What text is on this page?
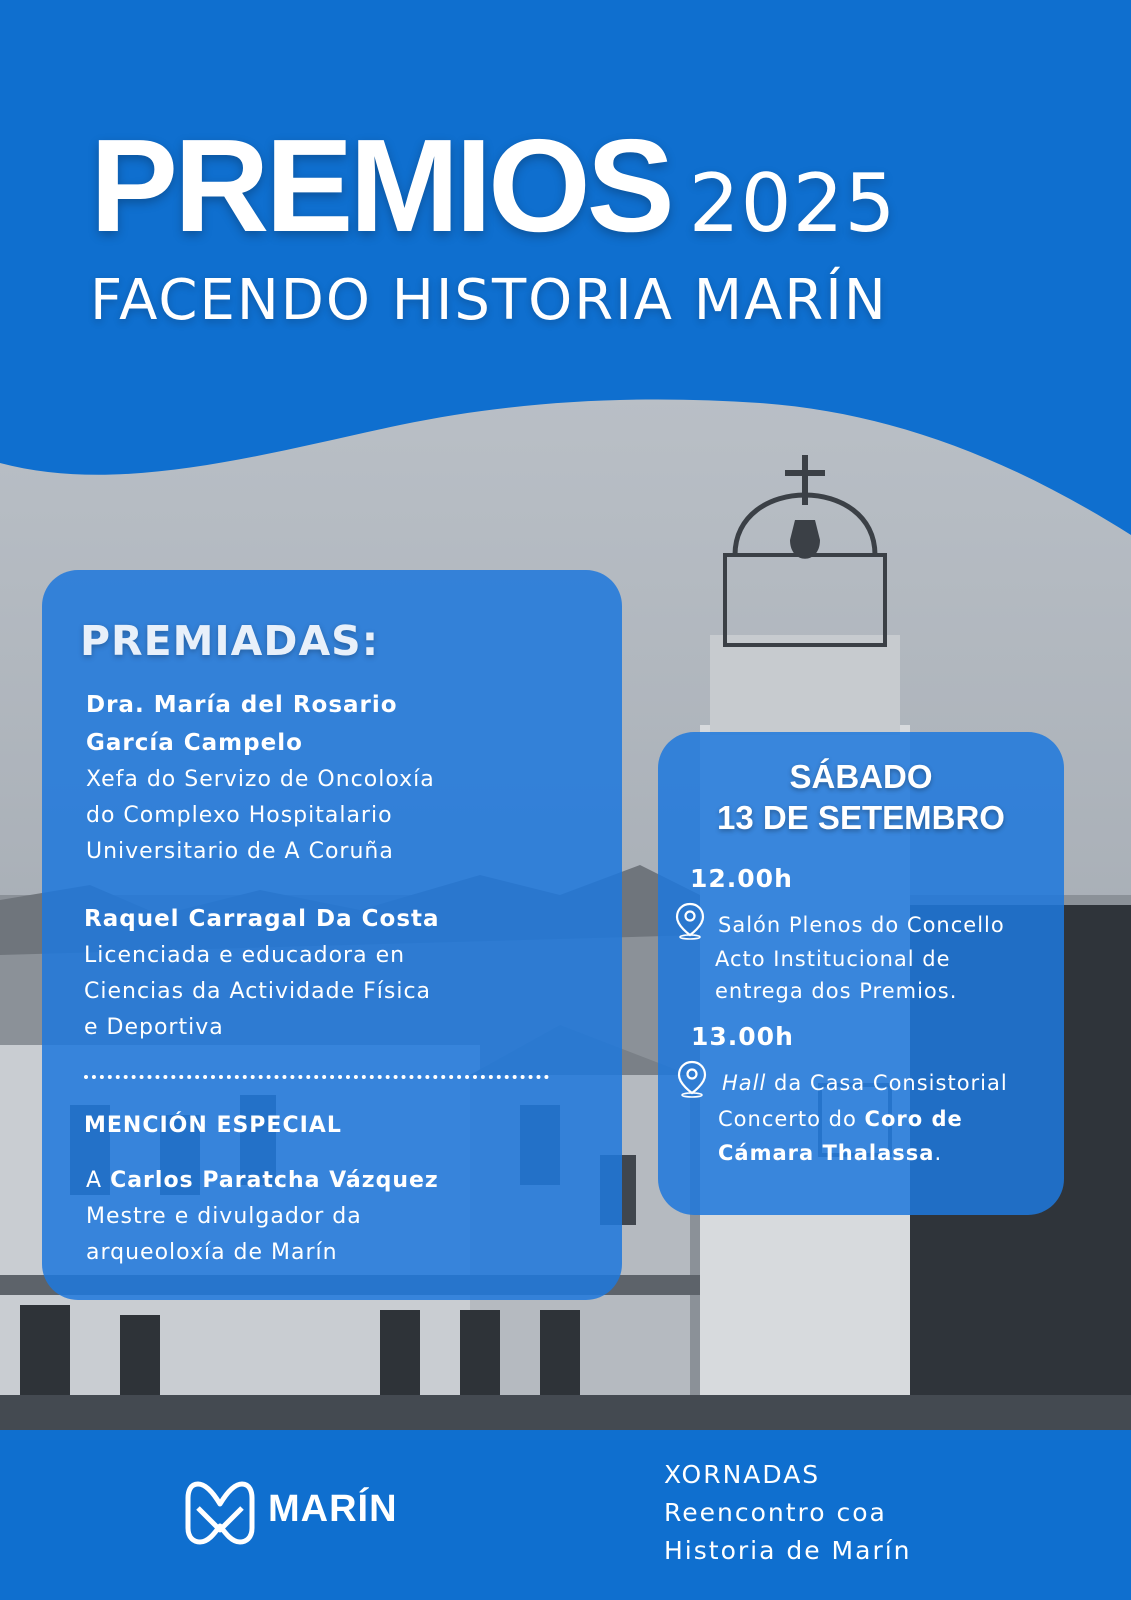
PREMIOS 2025
FACENDO HISTORIA MARÍN
PREMIADAS:
Dra. María del Rosario
García Campelo
Xefa do Servizo de Oncoloxía
do Complexo Hospitalario
Universitario de A Coruña
Raquel Carragal Da Costa
Licenciada e educadora en
Ciencias da Actividade Física
e Deportiva
MENCIÓN ESPECIAL
A Carlos Paratcha Vázquez
Mestre e divulgador da
arqueoloxía de Marín
SÁBADO
13 DE SETEMBRO
12.00h
Salón Plenos do Concello
Acto Institucional de
entrega dos Premios.
13.00h
Hall da Casa Consistorial
Concerto do Coro de
Cámara Thalassa.
MARÍN
XORNADAS
Reencontro coa
Historia de Marín
